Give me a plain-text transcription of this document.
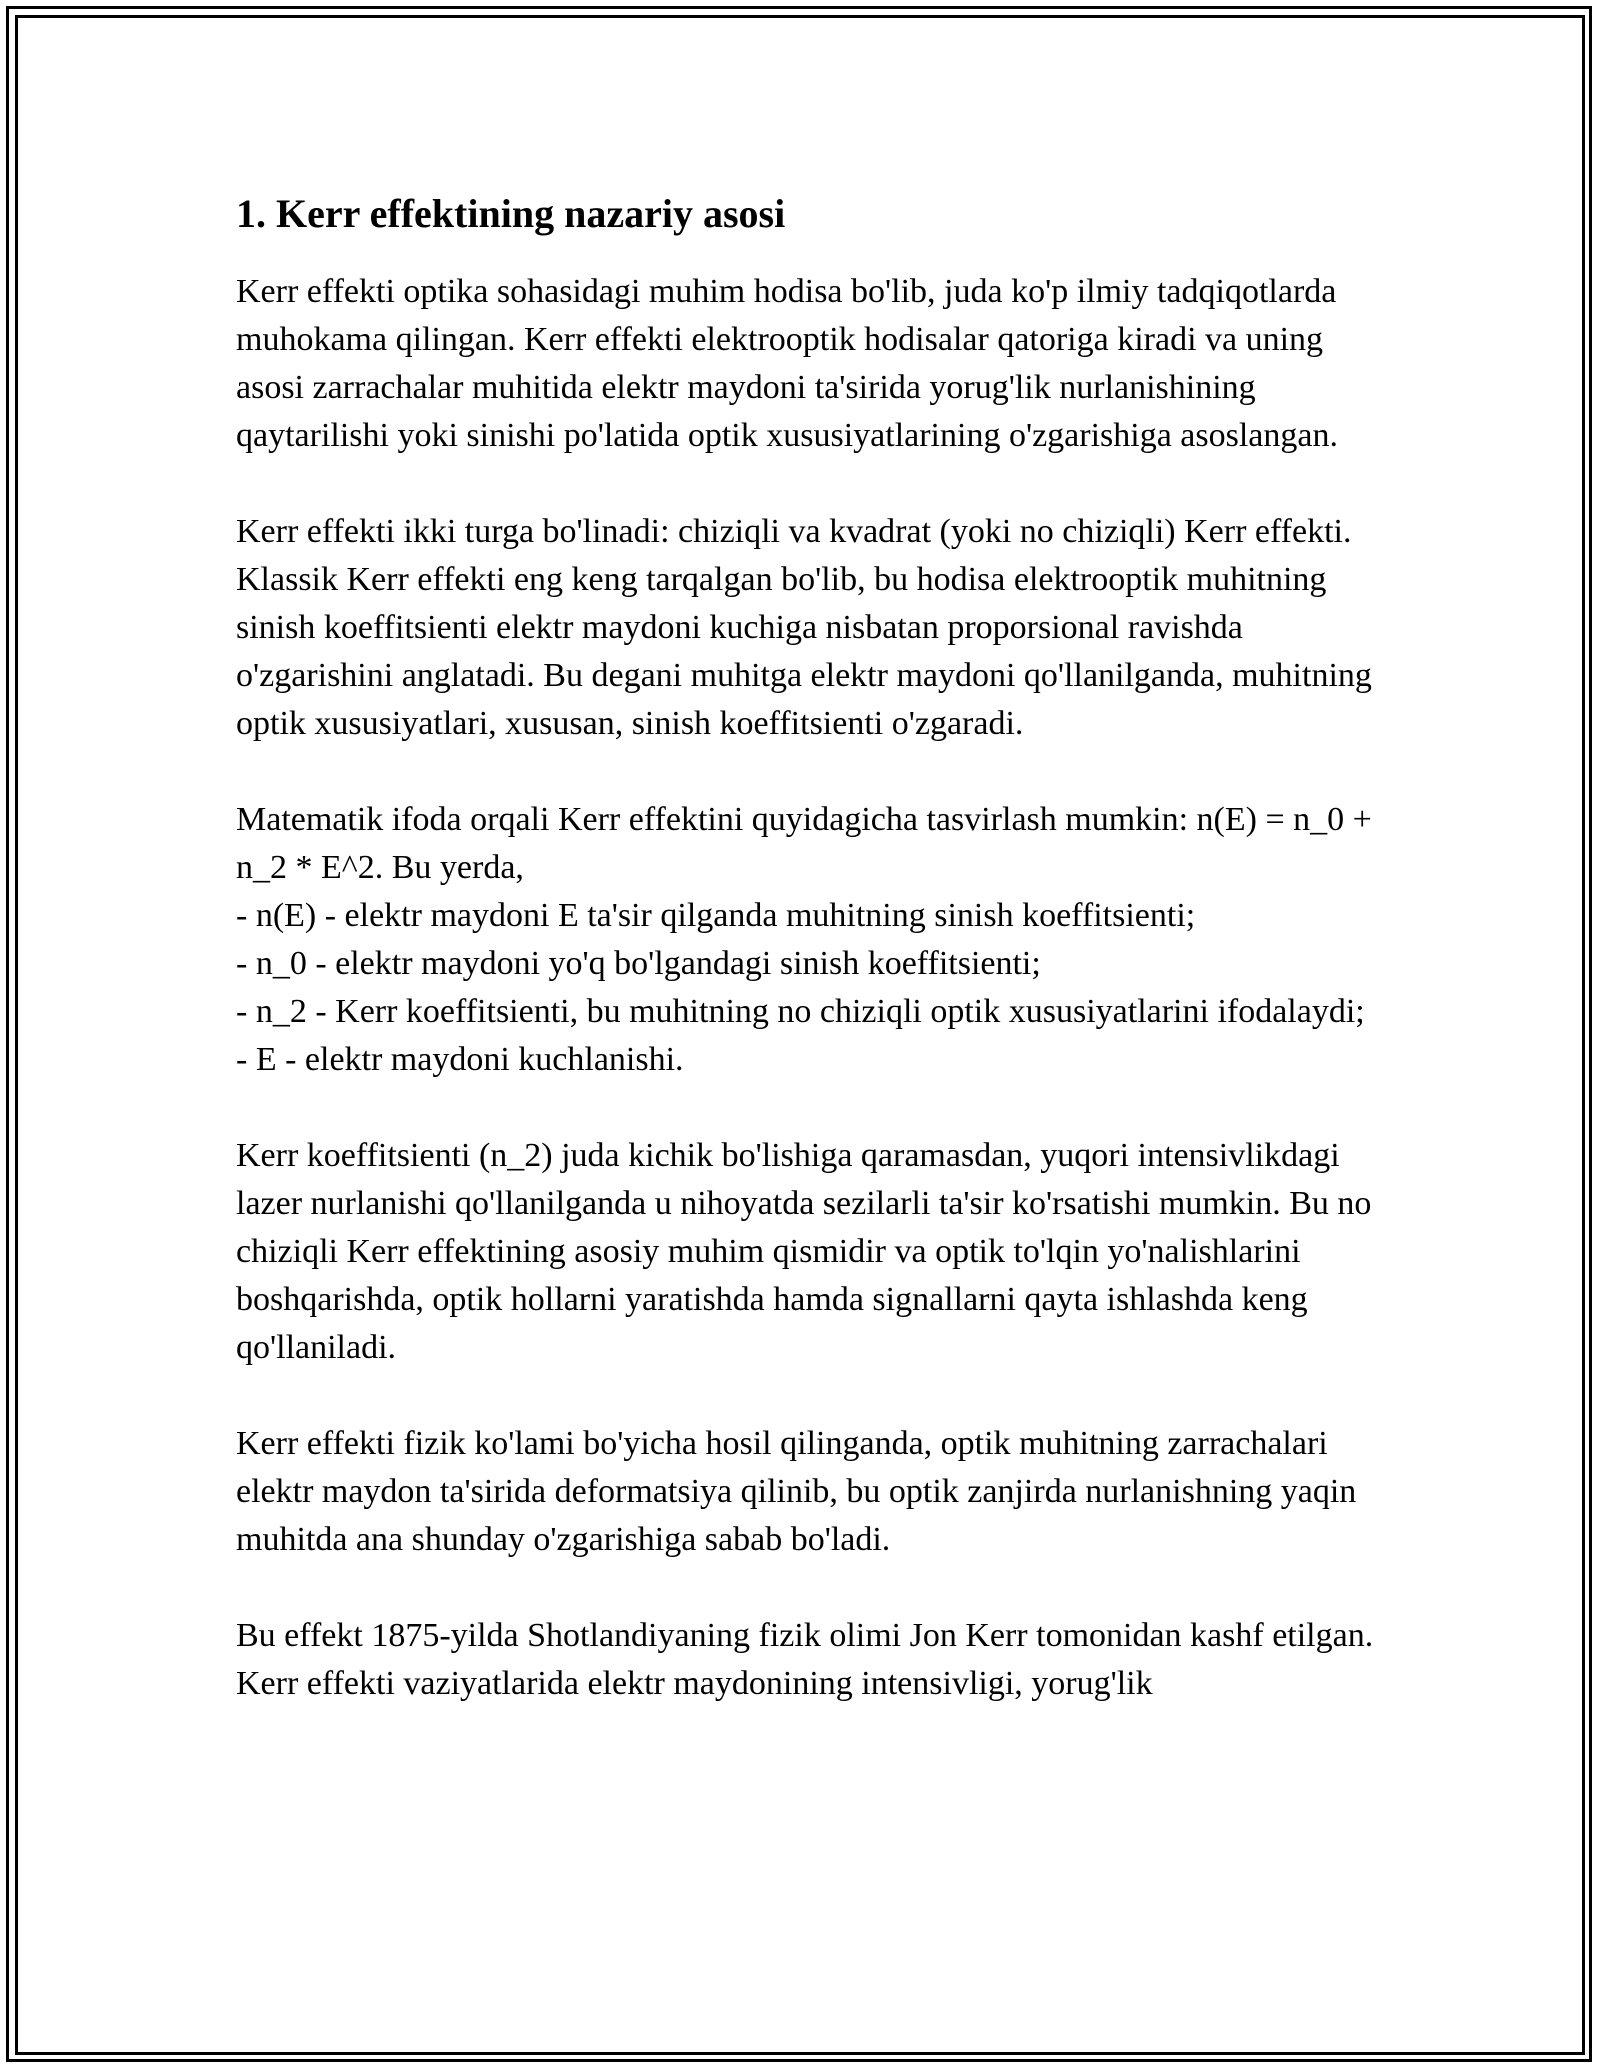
1. Kerr effektining nazariy asosi

Kerr effekti optika sohasidagi muhim hodisa bo'lib, juda ko'p ilmiy tadqiqotlarda muhokama qilingan. Kerr effekti elektrooptik hodisalar qatoriga kiradi va uning asosi zarrachalar muhitida elektr maydoni ta'sirida yorug'lik nurlanishining qaytarilishi yoki sinishi po'latida optik xususiyatlarining o'zgarishiga asoslangan.

Kerr effekti ikki turga bo'linadi: chiziqli va kvadrat (yoki no chiziqli) Kerr effekti. Klassik Kerr effekti eng keng tarqalgan bo'lib, bu hodisa elektrooptik muhitning sinish koeffitsienti elektr maydoni kuchiga nisbatan proporsional ravishda o'zgarishini anglatadi. Bu degani muhitga elektr maydoni qo'llanilganda, muhitning optik xususiyatlari, xususan, sinish koeffitsienti o'zgaradi.

Matematik ifoda orqali Kerr effektini quyidagicha tasvirlash mumkin: n(E) = n_0 + n_2 * E^2. Bu yerda,
- n(E) - elektr maydoni E ta'sir qilganda muhitning sinish koeffitsienti;
- n_0 - elektr maydoni yo'q bo'lgandagi sinish koeffitsienti;
- n_2 - Kerr koeffitsienti, bu muhitning no chiziqli optik xususiyatlarini ifodalaydi;
- E - elektr maydoni kuchlanishi.

Kerr koeffitsienti (n_2) juda kichik bo'lishiga qaramasdan, yuqori intensivlikdagi lazer nurlanishi qo'llanilganda u nihoyatda sezilarli ta'sir ko'rsatishi mumkin. Bu no chiziqli Kerr effektining asosiy muhim qismidir va optik to'lqin yo'nalishlarini boshqarishda, optik hollarni yaratishda hamda signallarni qayta ishlashda keng qo'llaniladi.

Kerr effekti fizik ko'lami bo'yicha hosil qilinganda, optik muhitning zarrachalari elektr maydon ta'sirida deformatsiya qilinib, bu optik zanjirda nurlanishning yaqin muhitda ana shunday o'zgarishiga sabab bo'ladi.

Bu effekt 1875-yilda Shotlandiyaning fizik olimi Jon Kerr tomonidan kashf etilgan. Kerr effekti vaziyatlarida elektr maydonining intensivligi, yorug'lik
